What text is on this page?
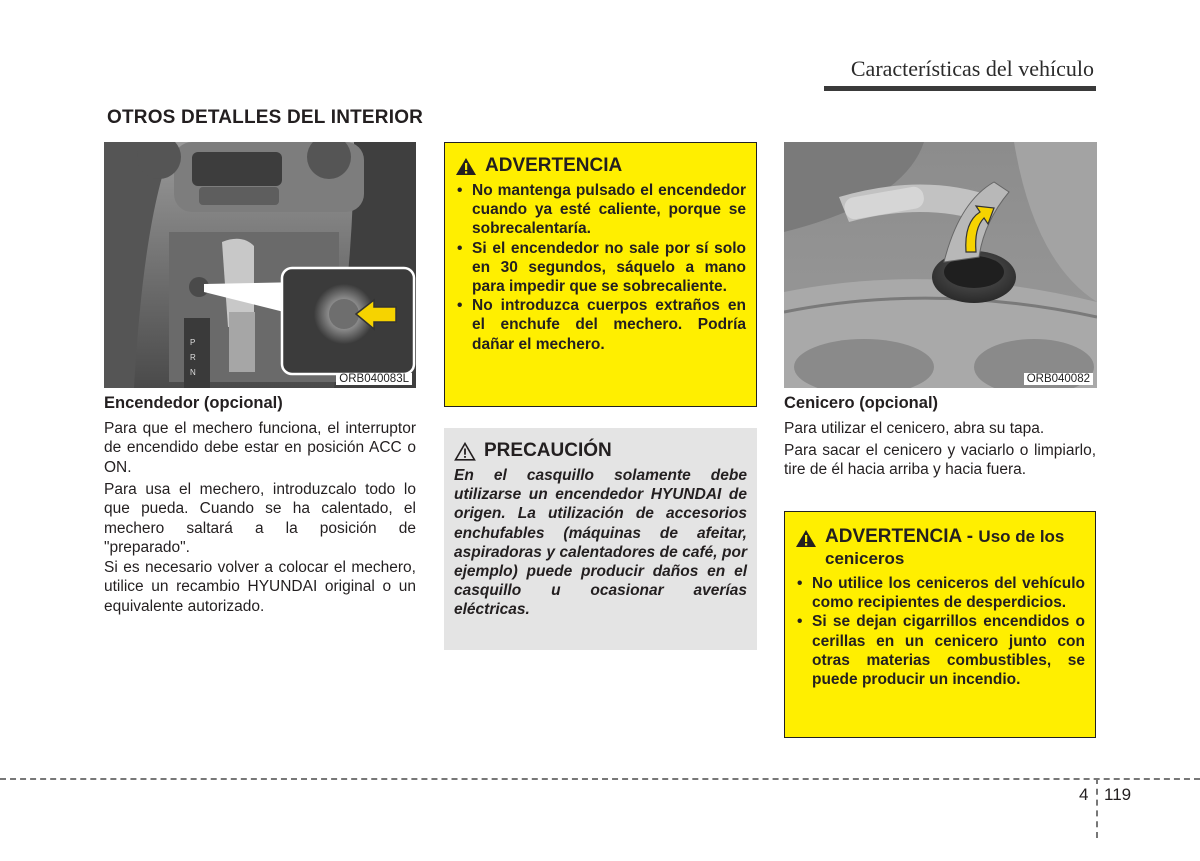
Características del vehículo
OTROS DETALLES DEL INTERIOR
P
R
N
ORB040083L
Encendedor (opcional)

Para que el mechero funciona, el interruptor de encendido debe estar en posición ACC o ON.

Para usa el mechero, introduzcalo todo lo que pueda. Cuando se ha calentado, el mechero saltará a la posición de "preparado".

Si es necesario volver a colocar el mechero, utilice un recambio HYUNDAI original o un equivalente autorizado.

ADVERTENCIA
• No mantenga pulsado el encendedor cuando ya esté caliente, porque se sobrecalentaría.
• Si el encendedor no sale por sí solo en 30 segundos, sáquelo a mano para impedir que se sobrecaliente.
• No introduzca cuerpos extraños en el enchufe del mechero. Podría dañar el mechero.
PRECAUCIÓN

En el casquillo solamente debe utilizarse un encendedor HYUNDAI de origen. La utilización de accesorios enchufables (máquinas de afeitar, aspiradoras y calentadores de café, por ejemplo) puede producir daños en el casquillo u ocasionar averías eléctricas.

ORB040082
Cenicero (opcional)

Para utilizar el cenicero, abra su tapa.

Para sacar el cenicero y vaciarlo o limpiarlo, tire de él hacia arriba y hacia fuera.

ADVERTENCIA - Uso de los ceniceros
• No utilice los ceniceros del vehículo como recipientes de desperdicios.
• Si se dejan cigarrillos encendidos o cerillas en un cenicero junto con otras materias combustibles, se puede producir un incendio.
4 119
